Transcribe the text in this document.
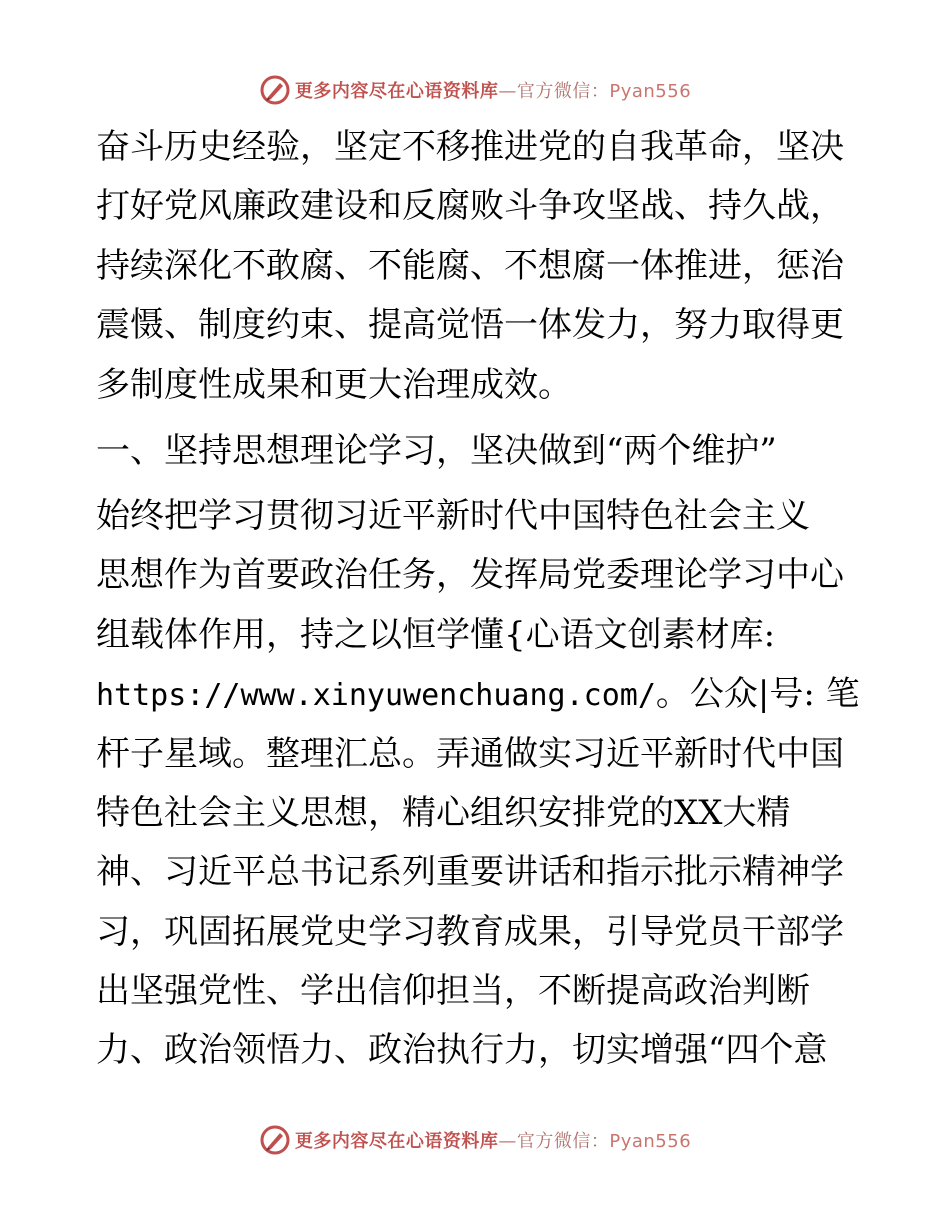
更多内容尽在心语资料库—官方微信：Pyan556
奋斗历史经验，坚定不移推进党的自我革命，坚决
打好党风廉政建设和反腐败斗争攻坚战、持久战，
持续深化不敢腐、不能腐、不想腐一体推进，惩治
震慑、制度约束、提高觉悟一体发力，努力取得更
多制度性成果和更大治理成效。
一、坚持思想理论学习，坚决做到“两个维护”
始终把学习贯彻习近平新时代中国特色社会主义
思想作为首要政治任务，发挥局党委理论学习中心
组载体作用，持之以恒学懂{心语文创素材库:
https://www.xinyuwenchuang.com/。公众|号: 笔
杆子星域。整理汇总。弄通做实习近平新时代中国
特色社会主义思想，精心组织安排党的XX大精
神、习近平总书记系列重要讲话和指示批示精神学
习，巩固拓展党史学习教育成果，引导党员干部学
出坚强党性、学出信仰担当，不断提高政治判断
力、政治领悟力、政治执行力，切实增强“四个意
更多内容尽在心语资料库—官方微信：Pyan556
